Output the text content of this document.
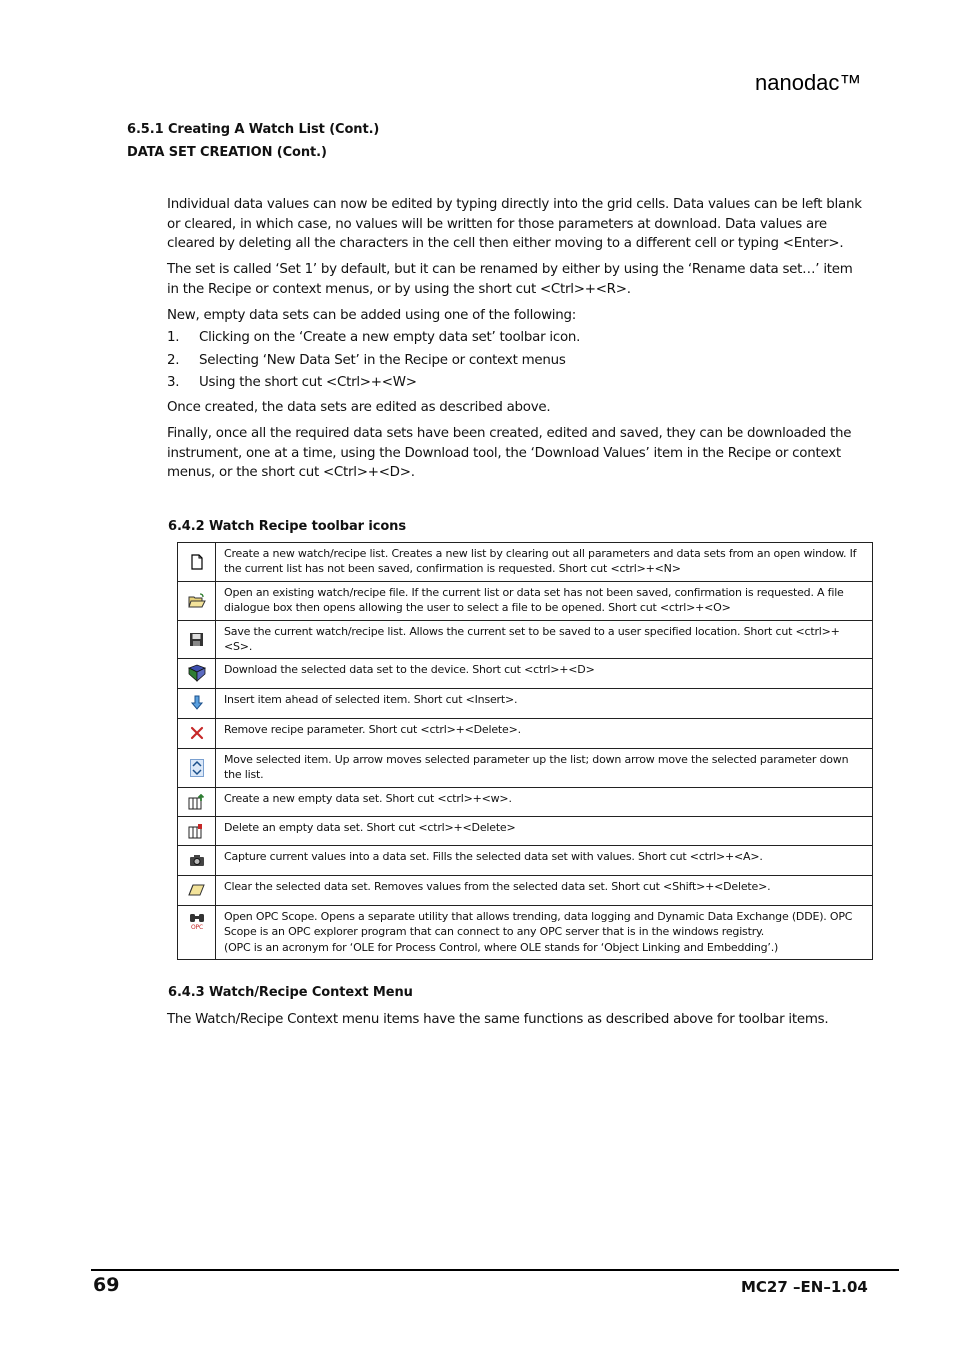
nanodac™
6.5.1 Creating A Watch List (Cont.)
DATA SET CREATION (Cont.)

Individual data values can now be edited by typing directly into the grid cells. Data values can be left blank or cleared, in which case, no values will be written for those parameters at download. Data values are cleared by deleting all the characters in the cell then either moving to a different cell or typing <Enter>.

The set is called ‘Set 1’ by default, but it can be renamed by either by using the ‘Rename data set…’ item in the Recipe or context menus, or by using the short cut <Ctrl>+<R>.

New, empty data sets can be added using one of the following:

1. Clicking on the ‘Create a new empty data set’ toolbar icon.
2. Selecting ‘New Data Set’ in the Recipe or context menus
3. Using the short cut <Ctrl>+<W>

Once created, the data sets are edited as described above.

Finally, once all the required data sets have been created, edited and saved, they can be downloaded the instrument, one at a time, using the Download tool, the ‘Download Values’ item in the Recipe or context menus, or the short cut <Ctrl>+<D>.

6.4.2 Watch Recipe toolbar icons
	Create a new watch/recipe list. Creates a new list by clearing out all parameters and data sets from an open window. If the current list has not been saved, confirmation is requested. Short cut <ctrl>+<N>

	Open an existing watch/recipe file. If the current list or data set has not been saved, confirmation is requested. A file dialogue box then opens allowing the user to select a file to be opened. Short cut <ctrl>+<O>

	Save the current watch/recipe list. Allows the current set to be saved to a user specified location. Short cut <ctrl>+<S>.

	Download the selected data set to the device. Short cut <ctrl>+<D>

	Insert item ahead of selected item. Short cut <Insert>.

	Remove recipe parameter. Short cut <ctrl>+<Delete>.

	Move selected item. Up arrow moves selected parameter up the list; down arrow move the selected parameter down the list.

	Create a new empty data set. Short cut <ctrl>+<w>.

	Delete an empty data set. Short cut <ctrl>+<Delete>

	Capture current values into a data set. Fills the selected data set with values. Short cut <ctrl>+<A>.

	Clear the selected data set. Removes values from the selected data set. Short cut <Shift>+<Delete>.

OPC	Open OPC Scope. Opens a separate utility that allows trending, data logging and Dynamic Data Exchange (DDE). OPC Scope is an OPC explorer program that can connect to any OPC server that is in the windows registry.
(OPC is an acronym for ‘OLE for Process Control, where OLE stands for ‘Object Linking and Embedding’.)
6.4.3 Watch/Recipe Context Menu

The Watch/Recipe Context menu items have the same functions as described above for toolbar items.

69	MC27 –EN–1.04
